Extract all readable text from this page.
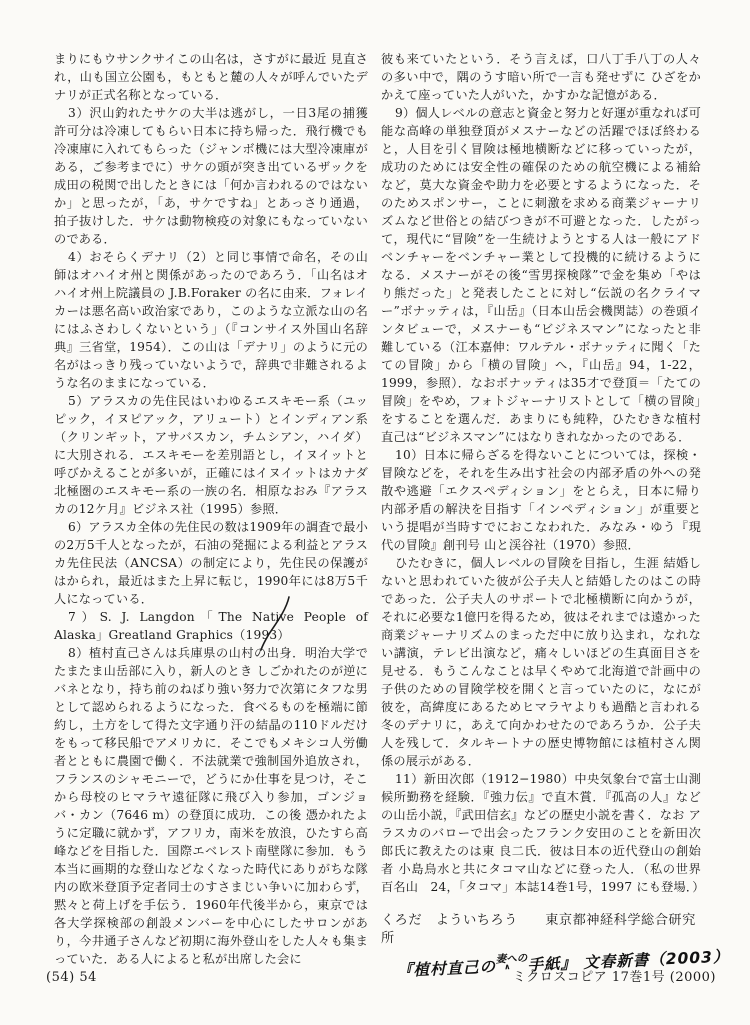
まりにもウサンクサイこの山名は，さすがに最近 見直され，山も国立公園も，もともと麓の人々が呼んでいたデナリが正式名称となっている．

3）沢山釣れたサケの大半は逃がし，一日3尾の捕獲許可分は冷凍してもらい日本に持ち帰った．飛行機でも冷凍庫に入れてもらった（ジャンボ機には大型冷凍庫がある，ご参考までに）サケの頭が突き出ているザックを成田の税関で出したときには「何か言われるのではないか」と思ったが，「あ，サケですね」とあっさり通過，拍子抜けした．サケは動物検疫の対象にもなっていないのである．

4）おそらくデナリ（2）と同じ事情で命名，その山師はオハイオ州と関係があったのであろう．「山名はオハイオ州上院議員の J.B.Foraker の名に由来．フォレイカーは悪名高い政治家であり，このような立派な山の名にはふさわしくないという」（『コンサイス外国山名辞典』三省堂，1954）．この山は「デナリ」のように元の名がはっきり残っていないようで，辞典で非難されるような名のままになっている．

5）アラスカの先住民はいわゆるエスキモー系（ユッピック，イヌピアック，アリュート）とインディアン系（クリンギット，アサバスカン，チムシアン，ハイダ）に大別される．エスキモーを差別語とし，イヌイットと呼びかえることが多いが，正確にはイヌイットはカナダ北極圏のエスキモー系の一族の名．相原なおみ『アラスカの12ケ月』ビジネス社（1995）参照．

6）アラスカ全体の先住民の数は1909年の調査で最小の2万5千人となったが，石油の発掘による利益とアラスカ先住民法（ANCSA）の制定により，先住民の保護がはかられ，最近はまた上昇に転じ，1990年には8万5千人になっている．

7）S. J. Langdon「The Native People of Alaska」Greatland Graphics（1993）

8）植村直己さんは兵庫県の山村の出身．明治大学で たまたま山岳部に入り，新人のとき しごかれたのが逆にバネとなり，持ち前のねばり強い努力で次第にタフな男として認められるようになった．食べるものを極端に節約し，土方をして得た文字通り汗の結晶の110ドルだけをもって移民船でアメリカに．そこでもメキシコ人労働者とともに農園で働く．不法就業で強制国外追放され，フランスのシャモニーで，どうにか仕事を見つけ，そこから母校のヒマラヤ遠征隊に飛び入り参加，ゴンジョバ・カン（7646 m）の登頂に成功．この後 憑かれたように定職に就かず，アフリカ，南米を放浪，ひたすら高峰などを目指した．国際エベレスト南壁隊に参加．もう本当に画期的な登山などなくなった時代にありがちな隊内の欧米登頂予定者同士のすさまじい争いに加わらず，黙々と荷上げを手伝う．1960年代後半から，東京では各大学探検部の創設メンバーを中心にしたサロンがあり，今井通子さんなど初期に海外登山をした人々も集まっていた．ある人によると私が出席した会に

彼も来ていたという．そう言えば，口八丁手八丁の人々の多い中で，隅のうす暗い所で一言も発せずに ひざをかかえて座っていた人がいた，かすかな記憶がある．

9）個人レベルの意志と資金と努力と好運が重なれば可能な高峰の単独登頂がメスナーなどの活躍でほぼ終わると，人目を引く冒険は極地横断などに移っていったが，成功のためには安全性の確保のための航空機による補給など，莫大な資金や助力を必要とするようになった．そのためスポンサー，ことに刺激を求める商業ジャーナリズムなど世俗との結びつきが不可避となった．したがって，現代に“冒険”を一生続けようとする人は一般にアドベンチャーをベンチャー業として投機的に続けるようになる．メスナーがその後“雪男探検隊”で金を集め「やはり熊だった」と発表したことに対し“伝説の名クライマー”ボナッティは，『山岳』（日本山岳会機関誌）の巻頭インタビューで，メスナーも“ビジネスマン”になったと非難している（江本嘉伸：ワルテル・ボナッティに聞く「たての冒険」から「横の冒険」へ，『山岳』94，1-22，1999，参照）．なおボナッティは35才で登頂＝「たての冒険」をやめ，フォトジャーナリストとして「横の冒険」をすることを選んだ．あまりにも純粋，ひたむきな植村直己は“ビジネスマン”にはなりきれなかったのである．

10）日本に帰らざるを得ないことについては，探検・冒険などを，それを生み出す社会の内部矛盾の外への発散や逃避「エクスペディション」をとらえ，日本に帰り内部矛盾の解決を目指す「インペディション」が重要という提唱が当時すでにおこなわれた．みなみ・ゆう『現代の冒険』創刊号 山と渓谷社（1970）参照．

ひたむきに，個人レベルの冒険を目指し，生涯 結婚しないと思われていた彼が公子夫人と結婚したのはこの時であった．公子夫人のサポートで北極横断に向かうが，それに必要な1億円を得るため，彼はそれまでは遠かった商業ジャーナリズムのまっただ中に放り込まれ，なれない講演，テレビ出演など，痛々しいほどの生真面目さを見せる．もうこんなことは早くやめて北海道で計画中の子供のための冒険学校を開くと言っていたのに，なにが彼を，高緯度にあるためヒマラヤよりも過酷と言われる冬のデナリに，あえて向かわせたのであろうか．公子夫人を残して．タルキートナの歴史博物館には植村さん関係の展示がある．

11）新田次郎（1912−1980）中央気象台で富士山測候所勤務を経験．『強力伝』で直木賞．『孤高の人』などの山岳小説，『武田信玄』などの歴史小説を書く．なお アラスカのバローで出会ったフランク安田のことを新田次郎氏に教えたのは東 良二氏．彼は日本の近代登山の創始者 小島烏水と共にタコマ山などに登った人．（私の世界百名山　24，「タコマ」本誌14巻1号，1997 にも登場．）

くろだ　よういちろう　　東京都神経科学総合研究所

『植村直己の$^{妻への}$ ∧手紙』 文春新書（2003）
(54) 54	ミクロスコピア 17巻1号 (2000)
